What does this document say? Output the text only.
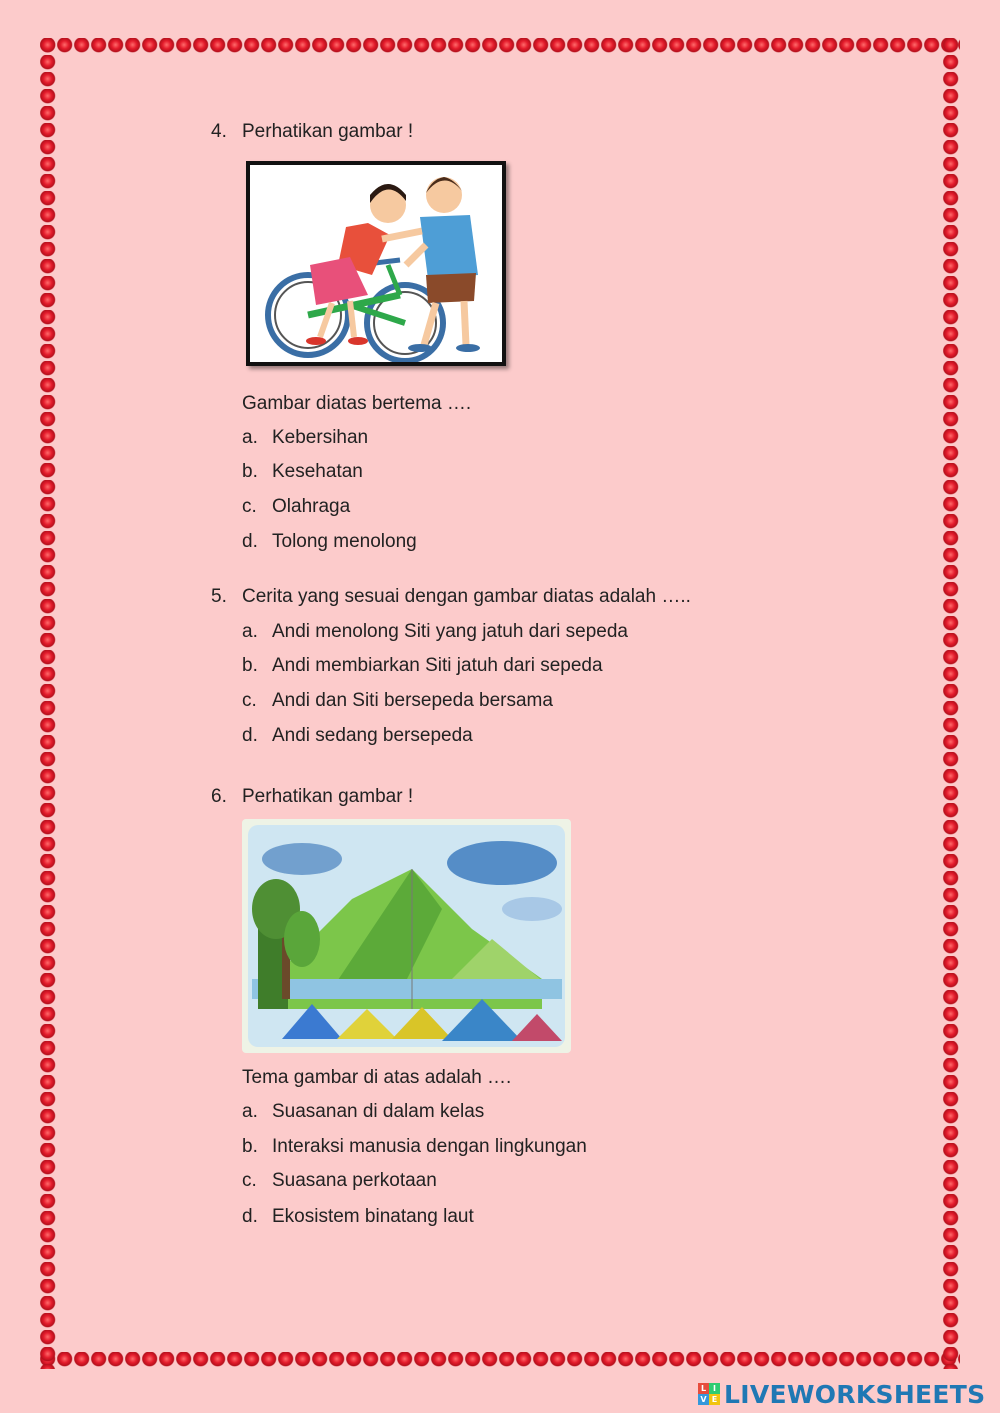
4. Perhatikan gambar !
Gambar diatas bertema ….
a. Kebersihan
b. Kesehatan
c. Olahraga
d. Tolong menolong
5. Cerita yang sesuai dengan gambar diatas adalah …..
a. Andi menolong Siti yang jatuh dari sepeda
b. Andi membiarkan Siti jatuh dari sepeda
c. Andi dan Siti bersepeda bersama
d. Andi sedang bersepeda
6. Perhatikan gambar !
Tema gambar di atas adalah ….
a. Suasanan di dalam kelas
b. Interaksi manusia dengan lingkungan
c. Suasana perkotaan
d. Ekosistem binatang laut
L I
V E LIVEWORKSHEETS
